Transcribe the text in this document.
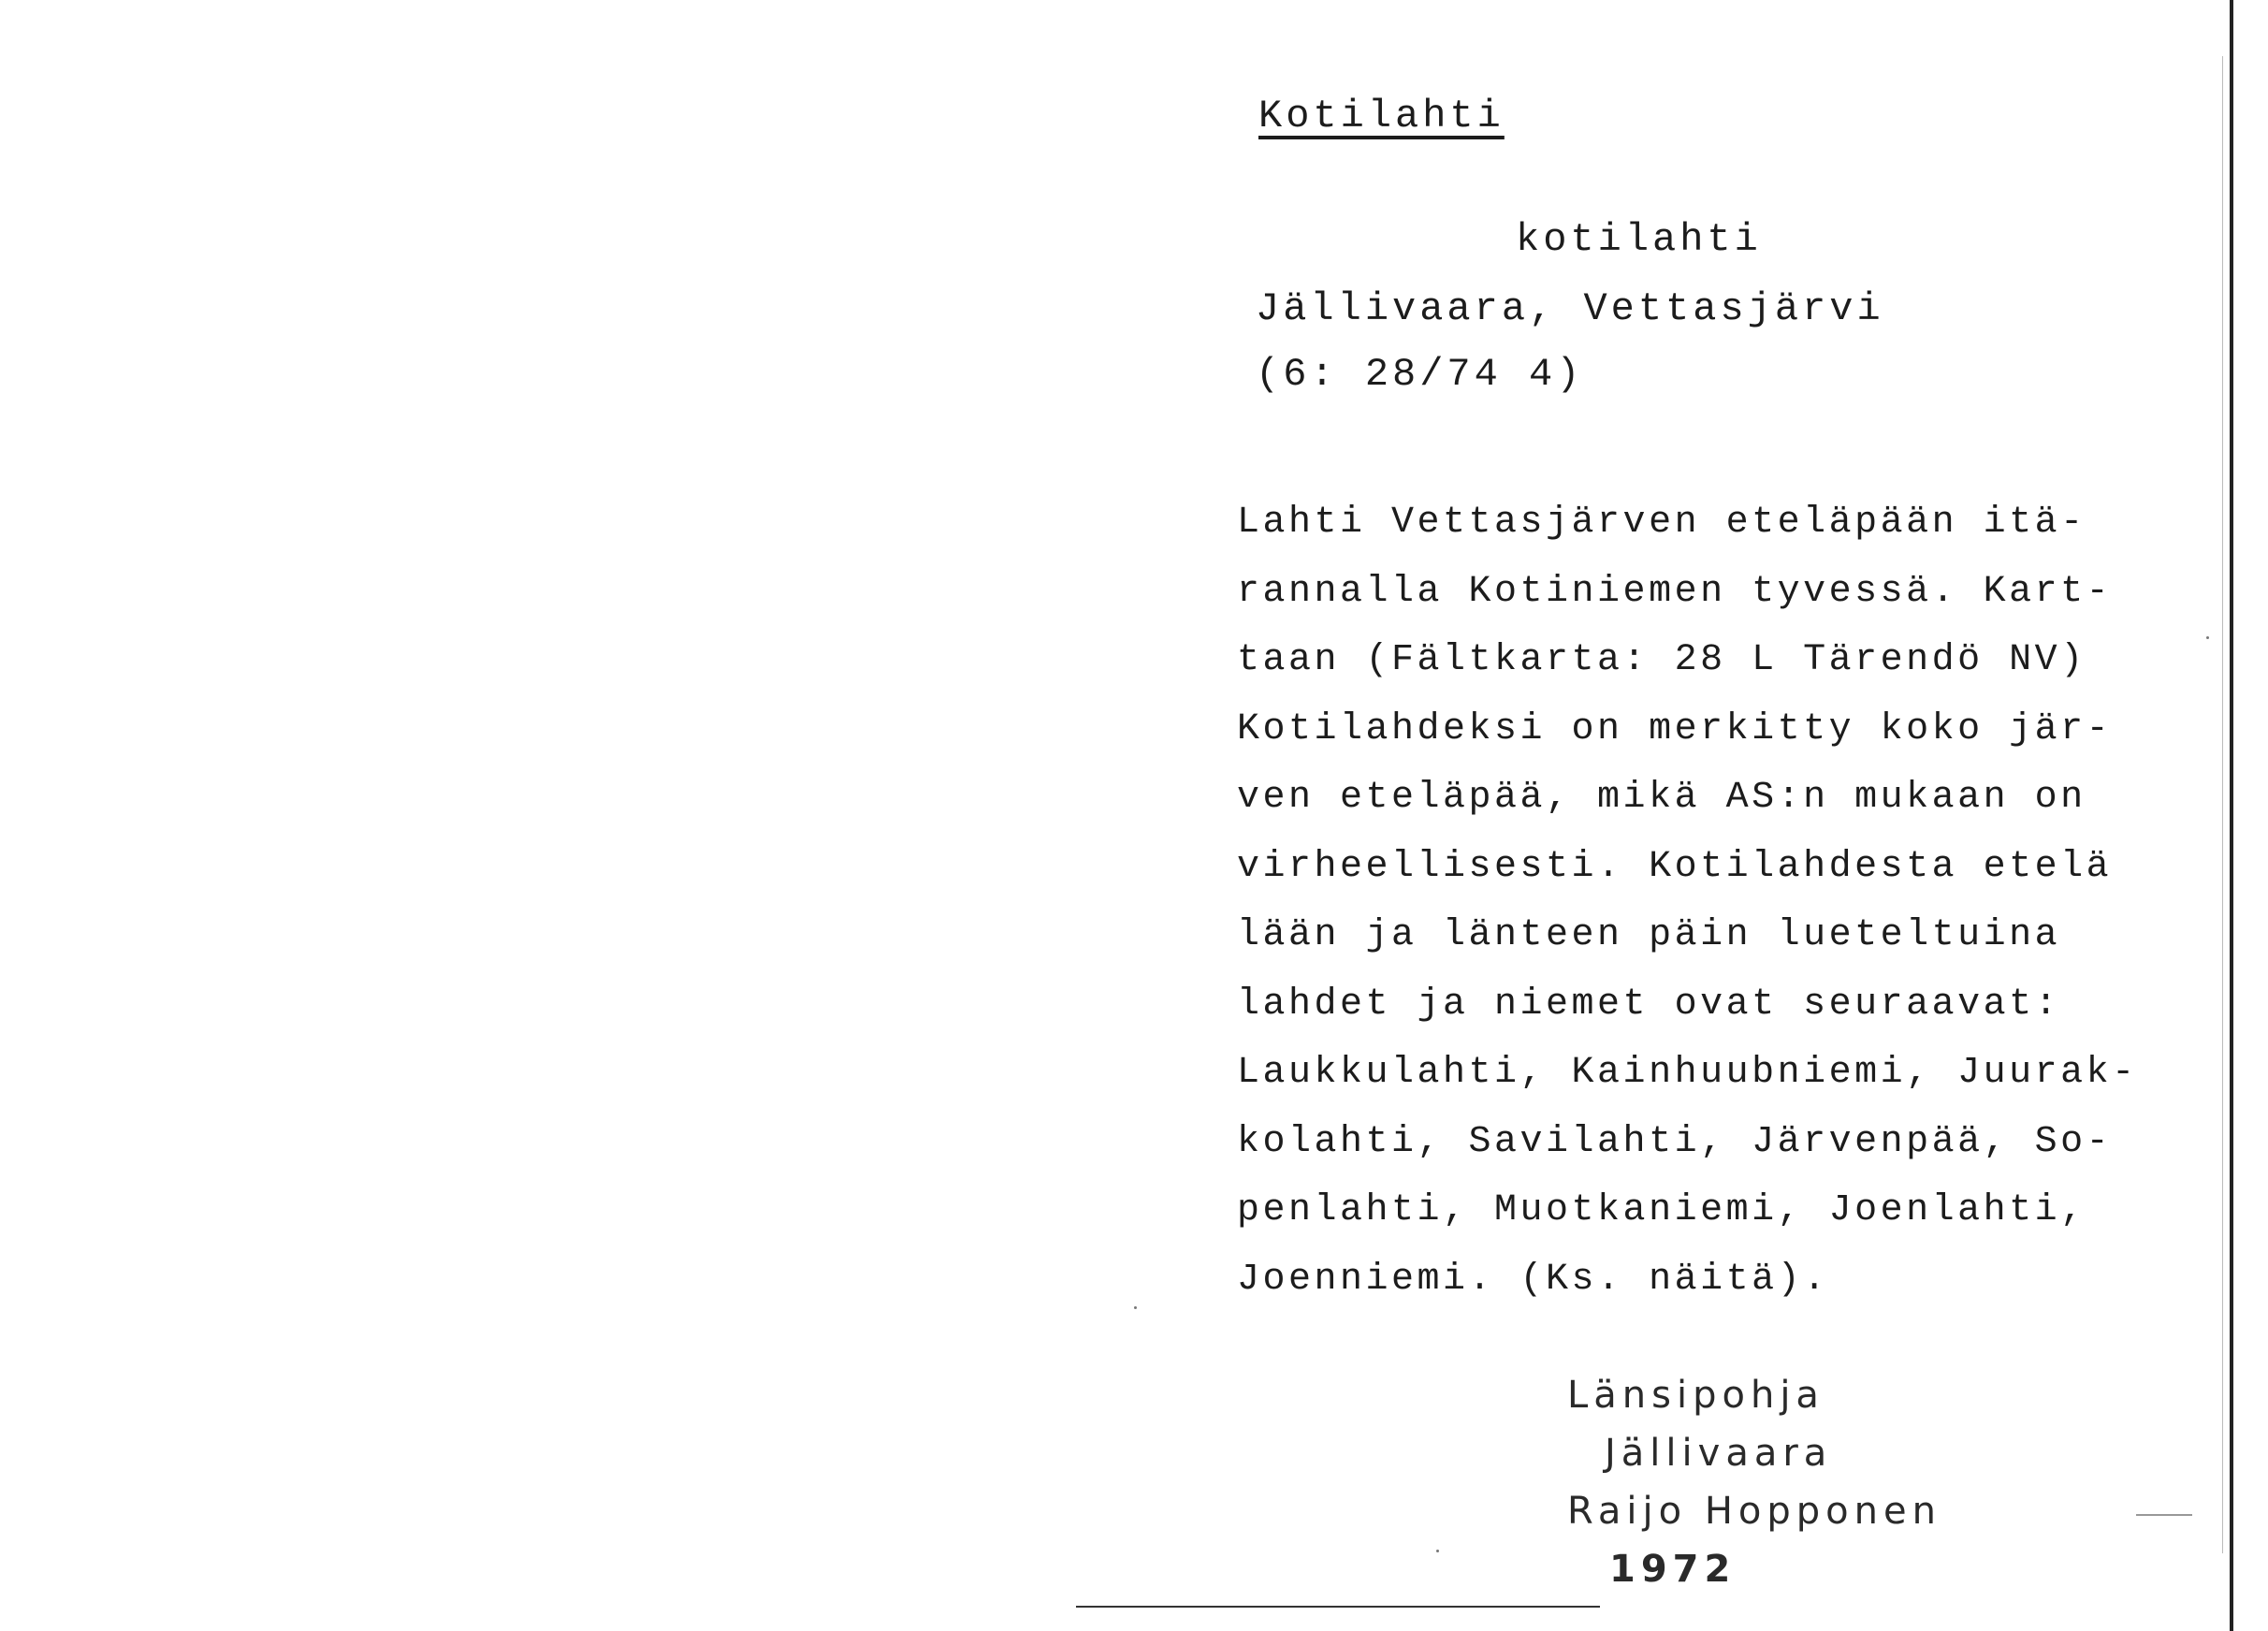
Kotilahti
kotilahti
Jällivaara, Vettasjärvi
(6: 28/74 4)
Lahti Vettasjärven eteläpään itä-
rannalla Kotiniemen tyvessä. Kart-
taan (Fältkarta: 28 L Tärendö NV)
Kotilahdeksi on merkitty koko jär-
ven eteläpää, mikä AS:n mukaan on
virheellisesti. Kotilahdesta etelä
lään ja länteen päin lueteltuina
lahdet ja niemet ovat seuraavat:
Laukkulahti, Kainhuubniemi, Juurak-
kolahti, Savilahti, Järvenpää, So-
penlahti, Muotkaniemi, Joenlahti,
Joenniemi. (Ks. näitä).
Länsipohja
Jällivaara
Raijo Hopponen
1972
